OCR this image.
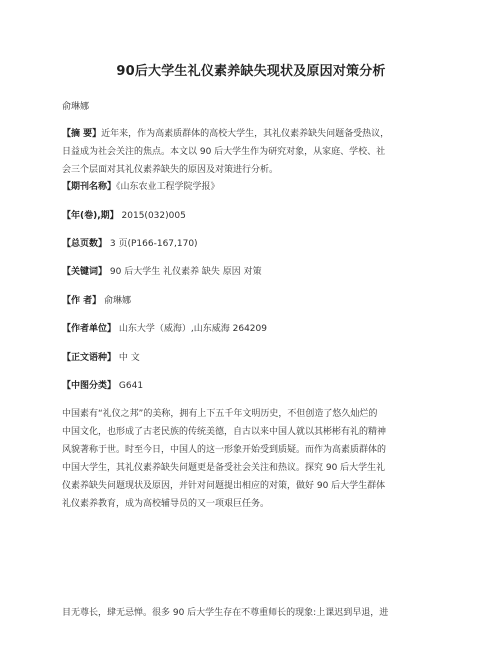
90后大学生礼仪素养缺失现状及原因对策分析
俞琳娜
【摘 要】近年来，作为高素质群体的高校大学生，其礼仪素养缺失问题备受热议，
日益成为社会关注的焦点。本文以 90 后大学生作为研究对象，从家庭、学校、社
会三个层面对其礼仪素养缺失的原因及对策进行分析。
【期刊名称】《山东农业工程学院学报》
【年(卷),期】 2015(032)005
【总页数】 3 页(P166-167,170)
【关键词】 90 后大学生 礼仪素养 缺失 原因 对策
【作 者】 俞琳娜
【作者单位】 山东大学（威海）,山东威海 264209
【正文语种】 中 文
【中图分类】 G641
中国素有“礼仪之邦”的美称，拥有上下五千年文明历史，不但创造了悠久灿烂的
中国文化，也形成了古老民族的传统美德，自古以来中国人就以其彬彬有礼的精神
风貌著称于世。时至今日，中国人的这一形象开始受到质疑。而作为高素质群体的
中国大学生，其礼仪素养缺失问题更是备受社会关注和热议。探究 90 后大学生礼
仪素养缺失问题现状及原因，并针对问题提出相应的对策，做好 90 后大学生群体
礼仪素养教育，成为高校辅导员的又一项艰巨任务。
目无尊长，肆无忌惮。很多 90 后大学生存在不尊重师长的现象:上课迟到早退，进
